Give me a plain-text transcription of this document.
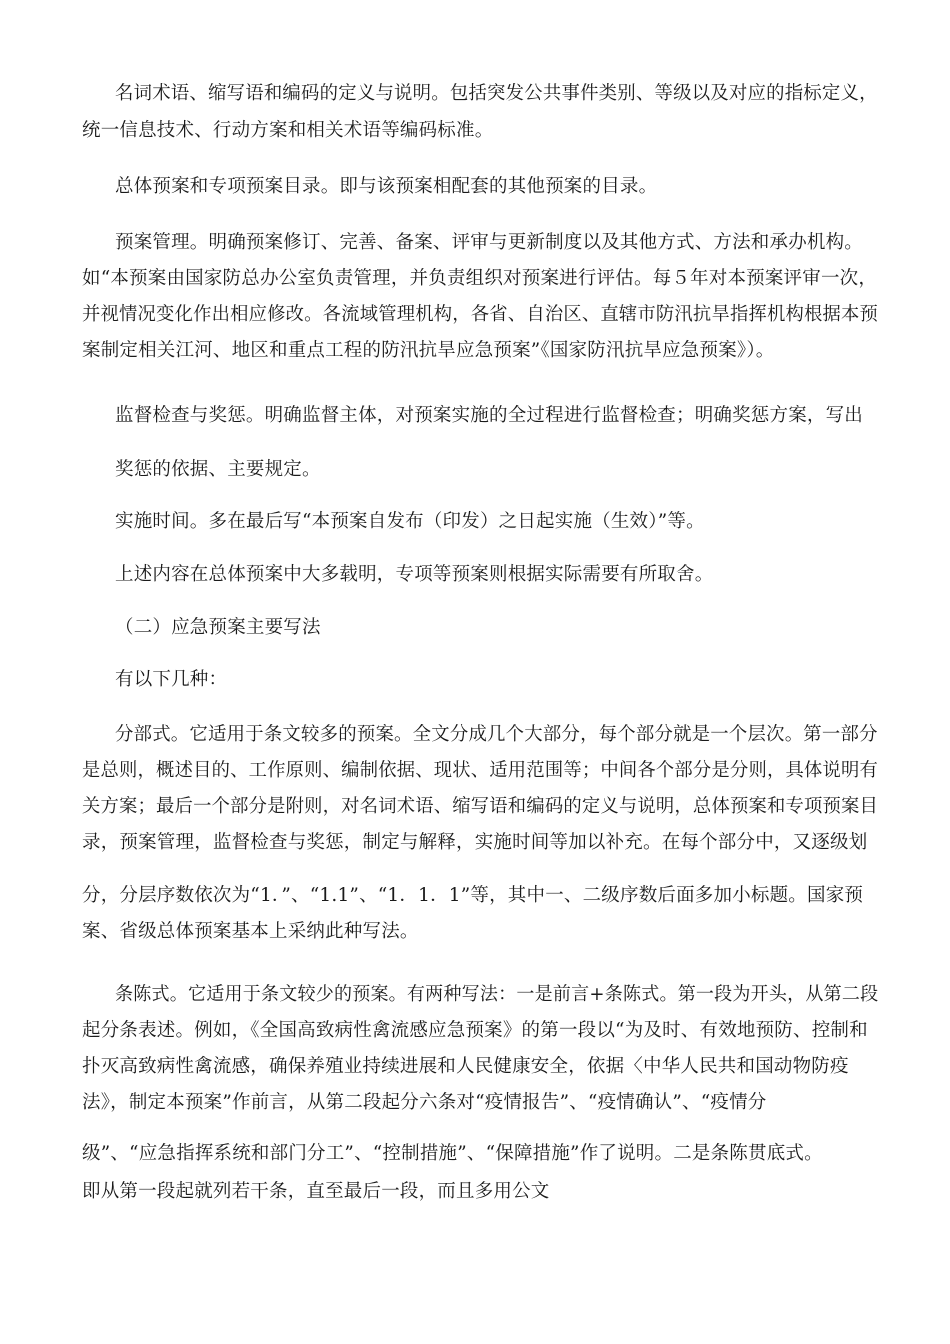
名词术语、缩写语和编码的定义与说明。包括突发公共事件类别、等级以及对应的指标定义，
统一信息技术、行动方案和相关术语等编码标准。
总体预案和专项预案目录。即与该预案相配套的其他预案的目录。
预案管理。明确预案修订、完善、备案、评审与更新制度以及其他方式、方法和承办机构。
如“本预案由国家防总办公室负责管理，并负责组织对预案进行评估。每５年对本预案评审一次，
并视情况变化作出相应修改。各流域管理机构，各省、自治区、直辖市防汛抗旱指挥机构根据本预
案制定相关江河、地区和重点工程的防汛抗旱应急预案”《国家防汛抗旱应急预案》）。
监督检查与奖惩。明确监督主体，对预案实施的全过程进行监督检查；明确奖惩方案，写出
奖惩的依据、主要规定。
实施时间。多在最后写“本预案自发布（印发）之日起实施（生效）”等。
上述内容在总体预案中大多载明，专项等预案则根据实际需要有所取舍。
（二）应急预案主要写法
有以下几种：
分部式。它适用于条文较多的预案。全文分成几个大部分，每个部分就是一个层次。第一部分
是总则，概述目的、工作原则、编制依据、现状、适用范围等；中间各个部分是分则，具体说明有
关方案；最后一个部分是附则，对名词术语、缩写语和编码的定义与说明，总体预案和专项预案目
录，预案管理，监督检查与奖惩，制定与解释，实施时间等加以补充。在每个部分中，又逐级划
分，分层序数依次为“1．”、“1.1”、“1．1．1”等，其中一、二级序数后面多加小标题。国家预
案、省级总体预案基本上采纳此种写法。
条陈式。它适用于条文较少的预案。有两种写法：一是前言+条陈式。第一段为开头，从第二段
起分条表述。例如，《全国高致病性禽流感应急预案》的第一段以“为及时、有效地预防、控制和
扑灭高致病性禽流感，确保养殖业持续进展和人民健康安全，依据〈中华人民共和国动物防疫
法》，制定本预案”作前言，从第二段起分六条对“疫情报告”、“疫情确认”、“疫情分
级”、“应急指挥系统和部门分工”、“控制措施”、“保障措施”作了说明。二是条陈贯底式。
即从第一段起就列若干条，直至最后一段，而且多用公文
